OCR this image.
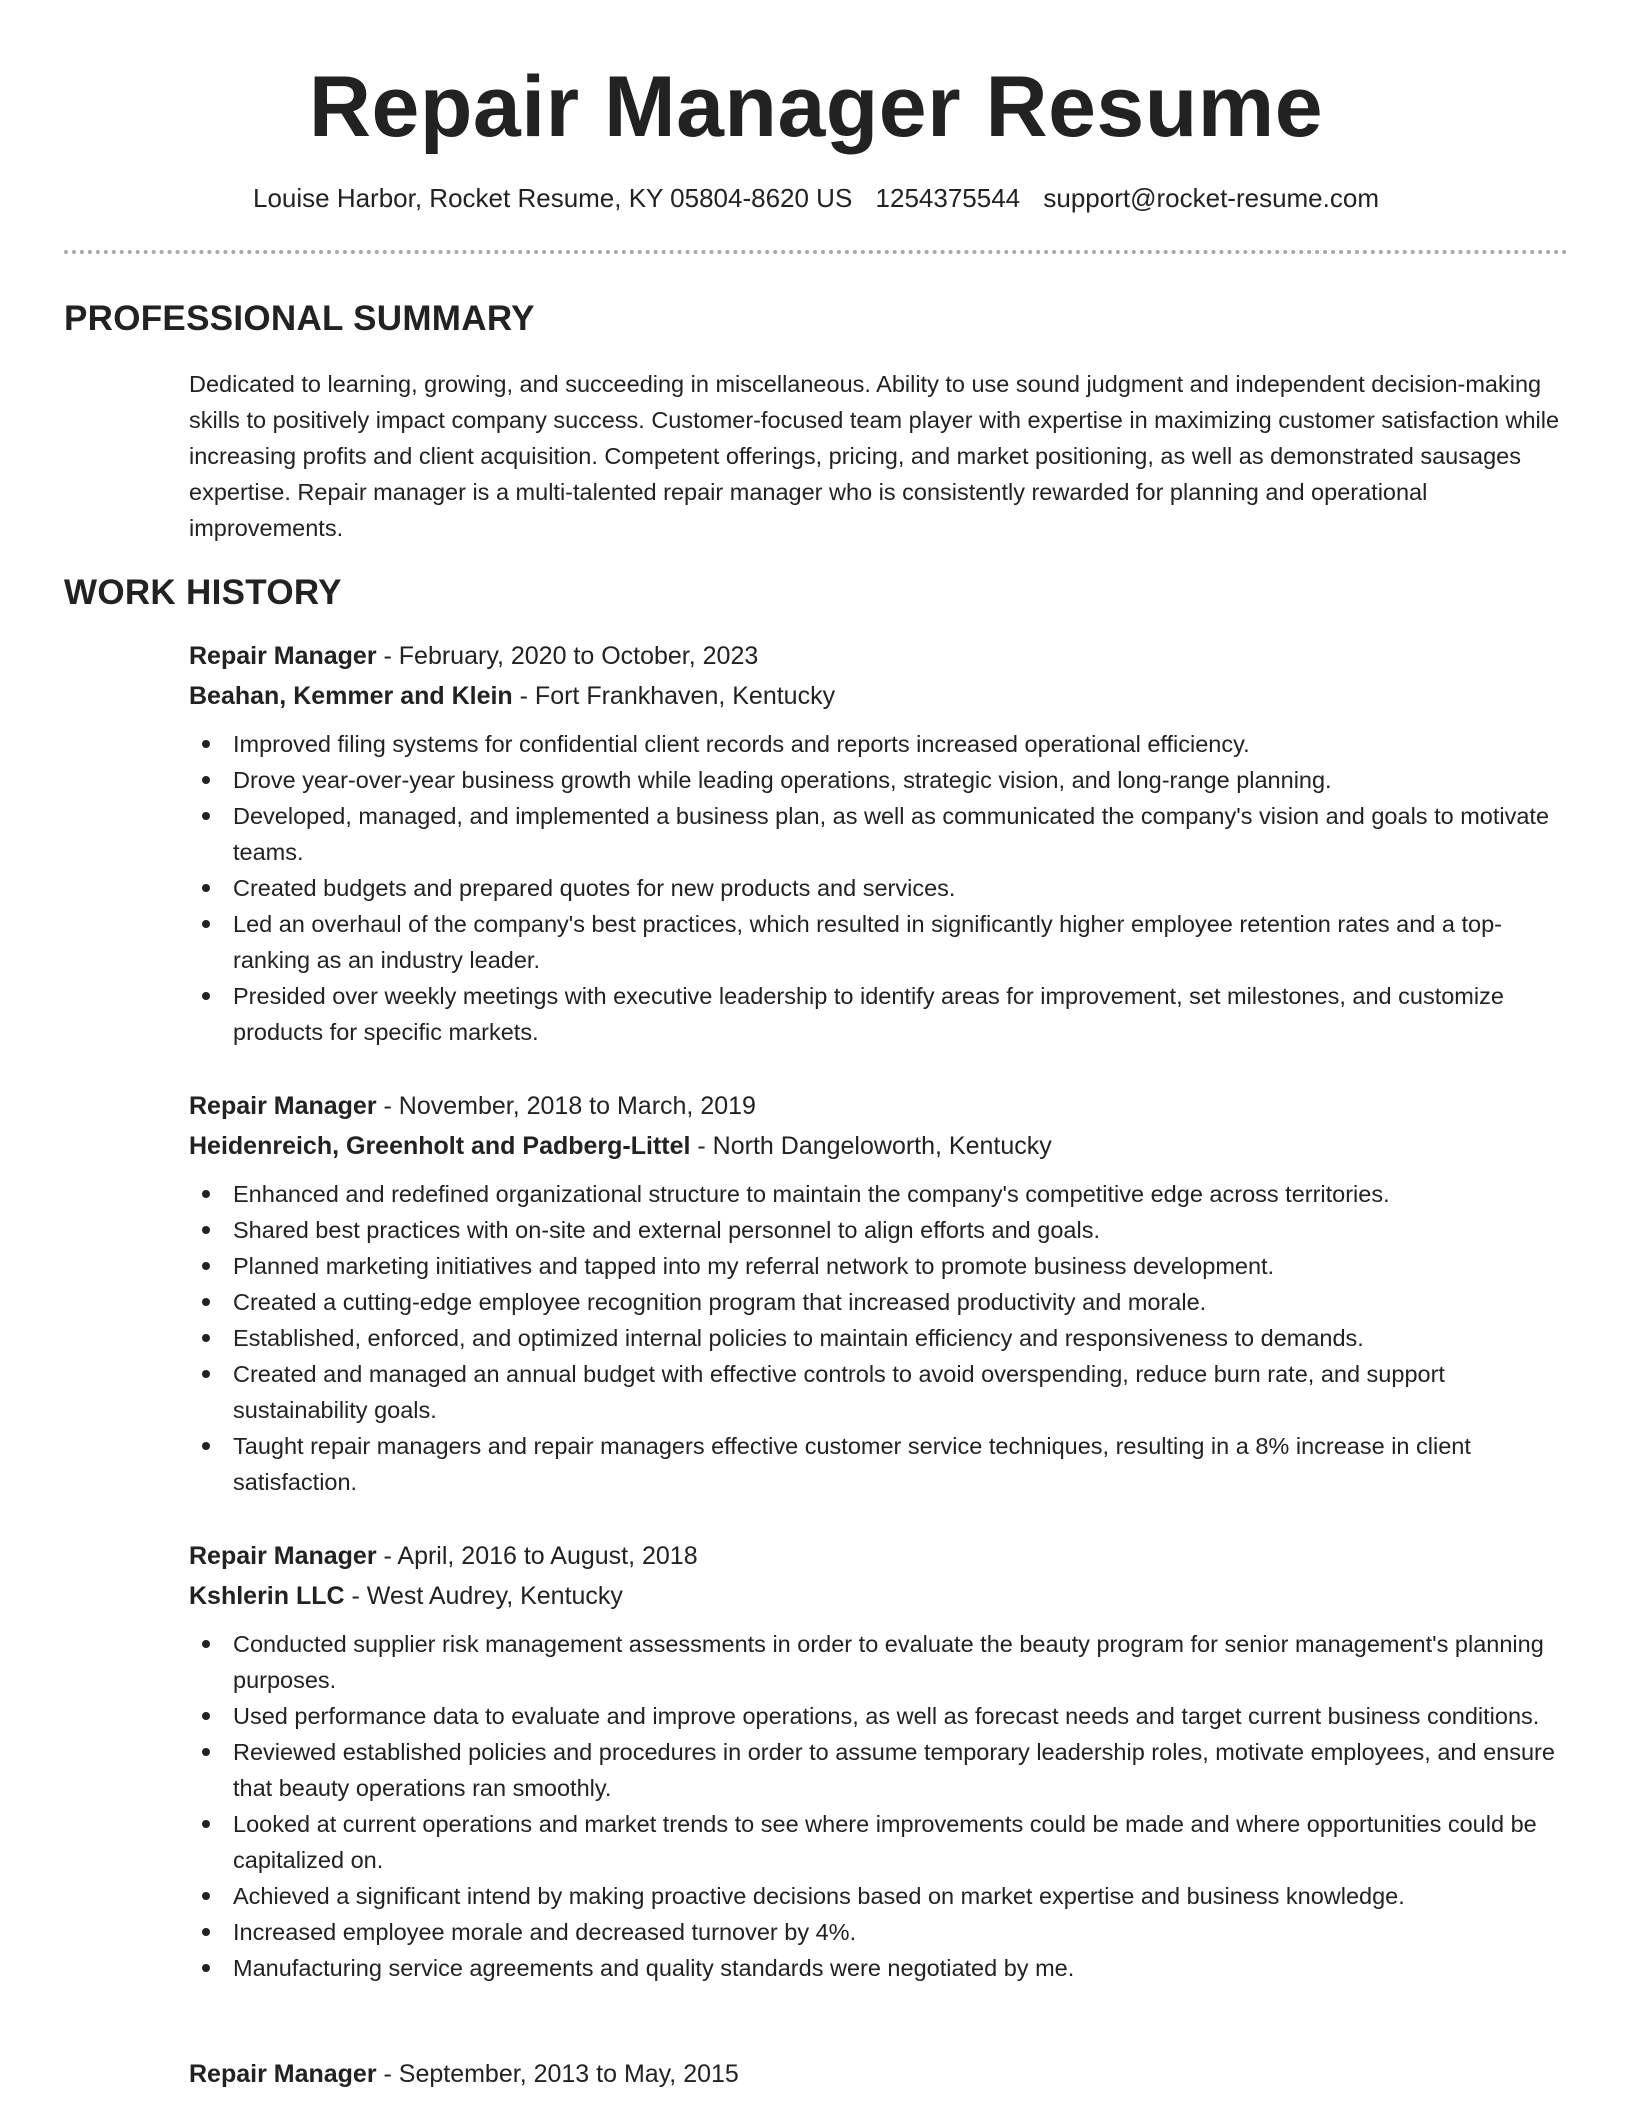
Repair Manager Resume
Louise Harbor, Rocket Resume, KY 05804-8620 US 1254375544 support@rocket-resume.com
PROFESSIONAL SUMMARY

Dedicated to learning, growing, and succeeding in miscellaneous. Ability to use sound judgment and independent decision-making skills to positively impact company success. Customer-focused team player with expertise in maximizing customer satisfaction while increasing profits and client acquisition. Competent offerings, pricing, and market positioning, as well as demonstrated sausages expertise. Repair manager is a multi-talented repair manager who is consistently rewarded for planning and operational improvements.

WORK HISTORY

Repair Manager - February, 2020 to October, 2023

Beahan, Kemmer and Klein - Fort Frankhaven, Kentucky

Improved filing systems for confidential client records and reports increased operational efficiency.
Drove year-over-year business growth while leading operations, strategic vision, and long-range planning.
Developed, managed, and implemented a business plan, as well as communicated the company's vision and goals to motivate teams.
Created budgets and prepared quotes for new products and services.
Led an overhaul of the company's best practices, which resulted in significantly higher employee retention rates and a top-ranking as an industry leader.
Presided over weekly meetings with executive leadership to identify areas for improvement, set milestones, and customize products for specific markets.

Repair Manager - November, 2018 to March, 2019

Heidenreich, Greenholt and Padberg-Littel - North Dangeloworth, Kentucky

Enhanced and redefined organizational structure to maintain the company's competitive edge across territories.
Shared best practices with on-site and external personnel to align efforts and goals.
Planned marketing initiatives and tapped into my referral network to promote business development.
Created a cutting-edge employee recognition program that increased productivity and morale.
Established, enforced, and optimized internal policies to maintain efficiency and responsiveness to demands.
Created and managed an annual budget with effective controls to avoid overspending, reduce burn rate, and support sustainability goals.
Taught repair managers and repair managers effective customer service techniques, resulting in a 8% increase in client satisfaction.

Repair Manager - April, 2016 to August, 2018

Kshlerin LLC - West Audrey, Kentucky

Conducted supplier risk management assessments in order to evaluate the beauty program for senior management's planning purposes.
Used performance data to evaluate and improve operations, as well as forecast needs and target current business conditions.
Reviewed established policies and procedures in order to assume temporary leadership roles, motivate employees, and ensure that beauty operations ran smoothly.
Looked at current operations and market trends to see where improvements could be made and where opportunities could be capitalized on.
Achieved a significant intend by making proactive decisions based on market expertise and business knowledge.
Increased employee morale and decreased turnover by 4%.
Manufacturing service agreements and quality standards were negotiated by me.

Repair Manager - September, 2013 to May, 2015
